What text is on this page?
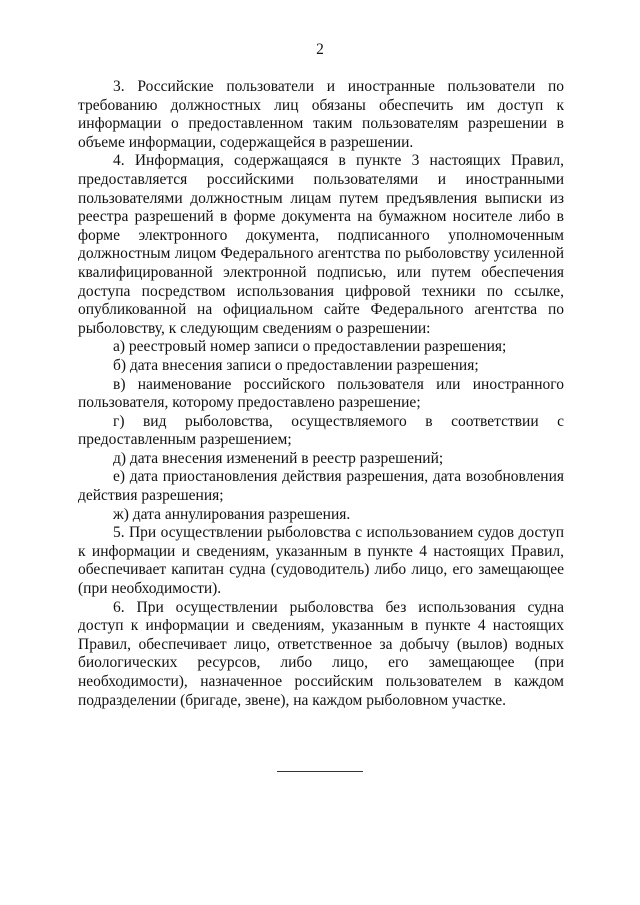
2

3. Российские пользователи и иностранные пользователи по требованию должностных лиц обязаны обеспечить им доступ к информации о предоставленном таким пользователям разрешении в объеме информации, содержащейся в разрешении.

4. Информация, содержащаяся в пункте 3 настоящих Правил, предоставляется российскими пользователями и иностранными пользователями должностным лицам путем предъявления выписки из реестра разрешений в форме документа на бумажном носителе либо в форме электронного документа, подписанного уполномоченным должностным лицом Федерального агентства по рыболовству усиленной квалифицированной электронной подписью, или путем обеспечения доступа посредством использования цифровой техники по ссылке, опубликованной на официальном сайте Федерального агентства по рыболовству, к следующим сведениям о разрешении:

а) реестровый номер записи о предоставлении разрешения;

б) дата внесения записи о предоставлении разрешения;

в) наименование российского пользователя или иностранного пользователя, которому предоставлено разрешение;

г) вид рыболовства, осуществляемого в соответствии с предоставленным разрешением;

д) дата внесения изменений в реестр разрешений;

е) дата приостановления действия разрешения, дата возобновления действия разрешения;

ж) дата аннулирования разрешения.

5. При осуществлении рыболовства с использованием судов доступ к информации и сведениям, указанным в пункте 4 настоящих Правил, обеспечивает капитан судна (судоводитель) либо лицо, его замещающее (при необходимости).

6. При осуществлении рыболовства без использования судна доступ к информации и сведениям, указанным в пункте 4 настоящих Правил, обеспечивает лицо, ответственное за добычу (вылов) водных биологических ресурсов, либо лицо, его замещающее (при необходимости), назначенное российским пользователем в каждом подразделении (бригаде, звене), на каждом рыболовном участке.
